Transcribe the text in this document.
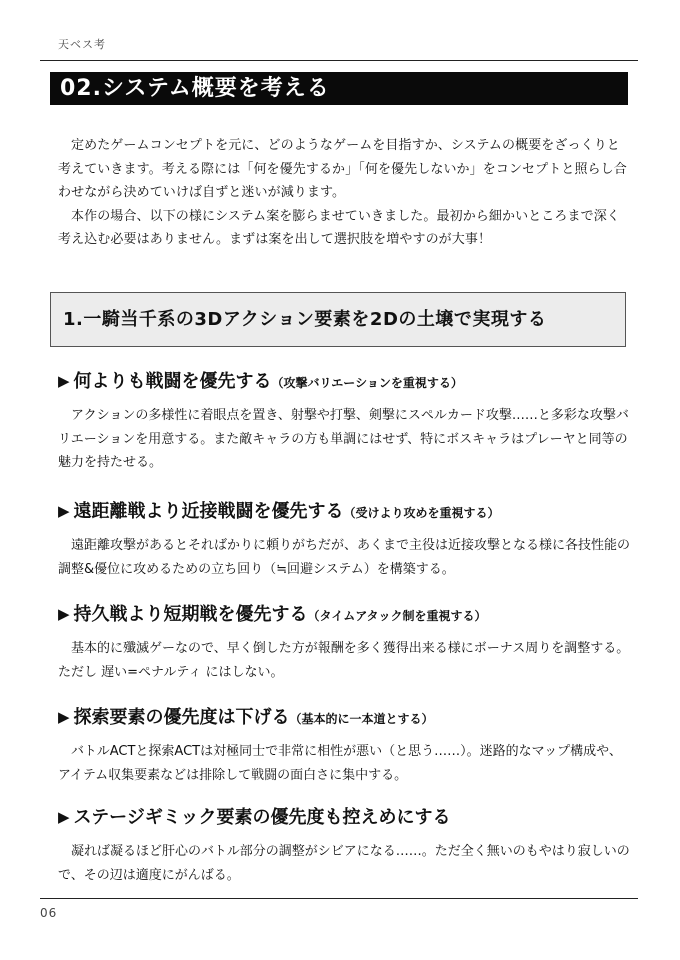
天ベス考
02.システム概要を考える

定めたゲームコンセプトを元に、どのようなゲームを目指すか、システムの概要をざっくりと考えていきます。考える際には「何を優先するか」「何を優先しないか」をコンセプトと照らし合わせながら決めていけば自ずと迷いが減ります。

本作の場合、以下の様にシステム案を膨らませていきました。最初から細かいところまで深く考え込む必要はありません。まずは案を出して選択肢を増やすのが大事！

1.一騎当千系の3Dアクション要素を2Dの土壌で実現する
▶ 何よりも戦闘を優先する（攻撃バリエーションを重視する）

アクションの多様性に着眼点を置き、射撃や打撃、剣撃にスペルカード攻撃……と多彩な攻撃バリエーションを用意する。また敵キャラの方も単調にはせず、特にボスキャラはプレーヤと同等の魅力を持たせる。

▶ 遠距離戦より近接戦闘を優先する（受けより攻めを重視する）

遠距離攻撃があるとそればかりに頼りがちだが、あくまで主役は近接攻撃となる様に各技性能の調整&優位に攻めるための立ち回り（≒回避システム）を構築する。

▶ 持久戦より短期戦を優先する（タイムアタック制を重視する）

基本的に殲滅ゲーなので、早く倒した方が報酬を多く獲得出来る様にボーナス周りを調整する。ただし 遅い=ペナルティ にはしない。

▶ 探索要素の優先度は下げる（基本的に一本道とする）

バトルACTと探索ACTは対極同士で非常に相性が悪い（と思う……）。迷路的なマップ構成や、アイテム収集要素などは排除して戦闘の面白さに集中する。

▶ ステージギミック要素の優先度も控えめにする

凝れば凝るほど肝心のバトル部分の調整がシビアになる……。ただ全く無いのもやはり寂しいので、その辺は適度にがんばる。

06
